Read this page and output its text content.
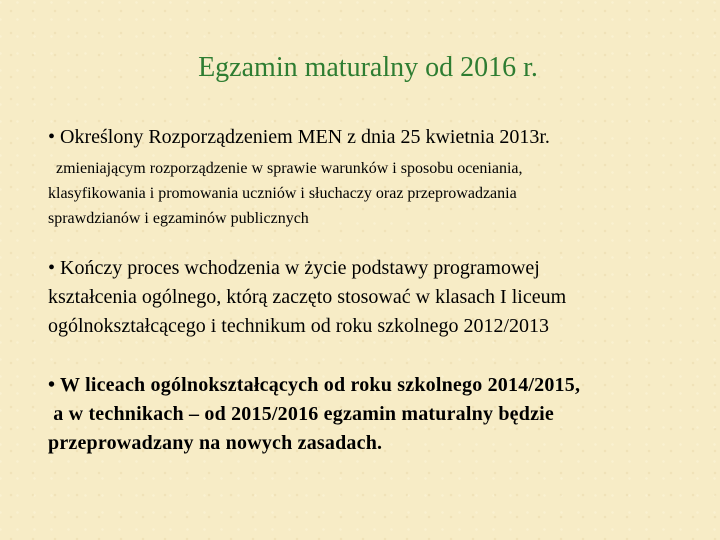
Egzamin maturalny od 2016 r.
• Określony Rozporządzeniem MEN z dnia 25 kwietnia 2013r.
zmieniającym rozporządzenie w sprawie warunków i sposobu oceniania,
klasyfikowania i promowania uczniów i słuchaczy oraz przeprowadzania
sprawdzianów i egzaminów publicznych
• Kończy proces wchodzenia w życie podstawy programowej
kształcenia ogólnego, którą zaczęto stosować w klasach I liceum
ogólnokształcącego i technikum od roku szkolnego 2012/2013
• W liceach ogólnokształcących od roku szkolnego 2014/2015,
a w technikach – od 2015/2016 egzamin maturalny będzie
przeprowadzany na nowych zasadach.
